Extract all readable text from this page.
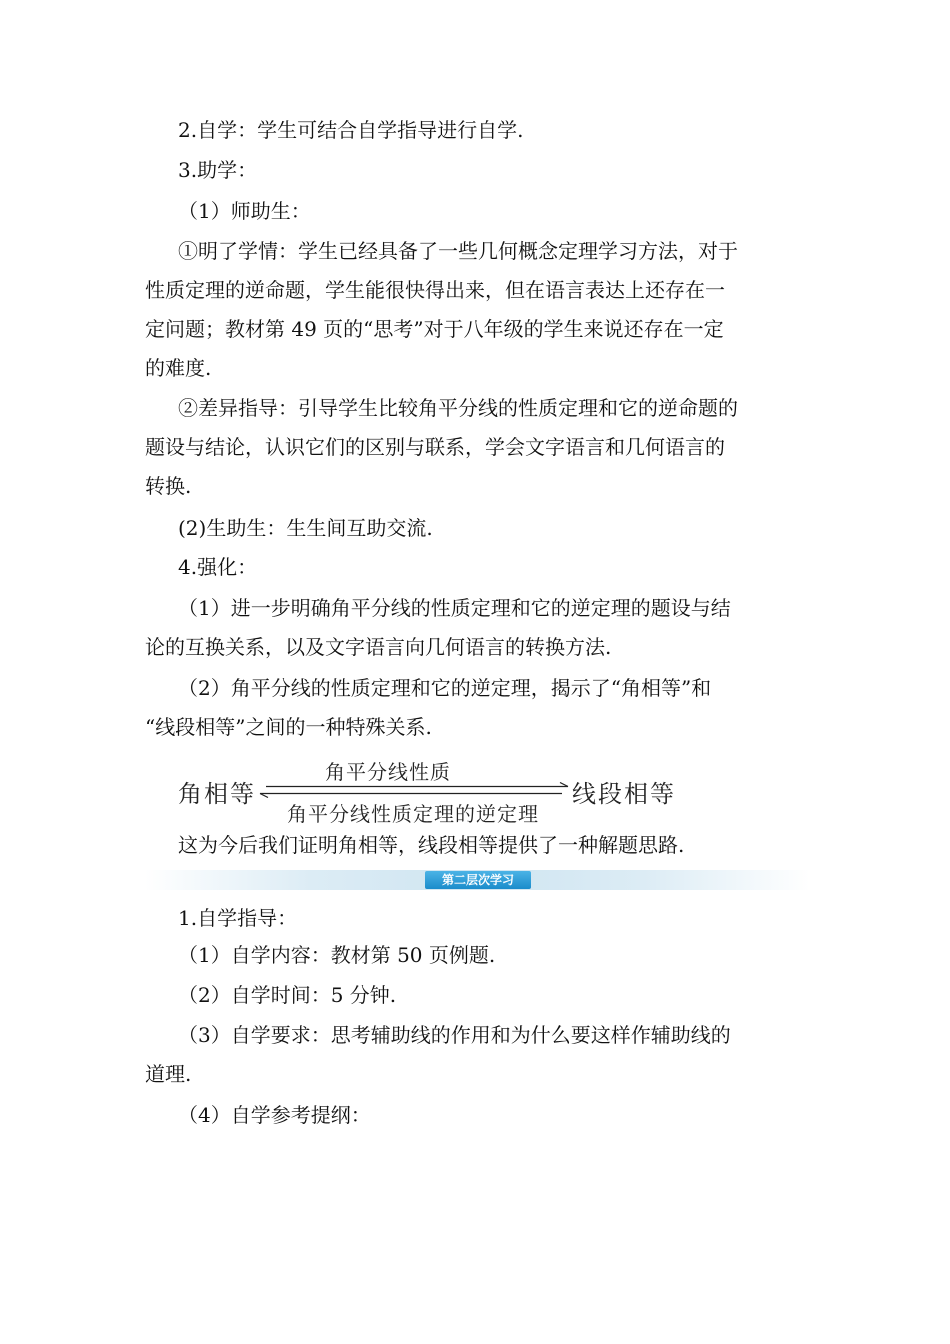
2.自学：学生可结合自学指导进行自学.
3.助学：
（1）师助生：
①明了学情：学生已经具备了一些几何概念定理学习方法，对于
性质定理的逆命题，学生能很快得出来，但在语言表达上还存在一
定问题；教材第 49 页的“思考”对于八年级的学生来说还存在一定
的难度.
②差异指导：引导学生比较角平分线的性质定理和它的逆命题的
题设与结论，认识它们的区别与联系，学会文字语言和几何语言的
转换.
(2)生助生：生生间互助交流.
4.强化：
（1）进一步明确角平分线的性质定理和它的逆定理的题设与结
论的互换关系，以及文字语言向几何语言的转换方法.
（2）角平分线的性质定理和它的逆定理，揭示了“角相等”和
“线段相等”之间的一种特殊关系.
角相等
角平分线性质
线段相等
角平分线性质定理的逆定理
这为今后我们证明角相等，线段相等提供了一种解题思路.
第二层次学习
1.自学指导：
（1）自学内容：教材第 50 页例题.
（2）自学时间：5 分钟.
（3）自学要求：思考辅助线的作用和为什么要这样作辅助线的
道理.
（4）自学参考提纲：
